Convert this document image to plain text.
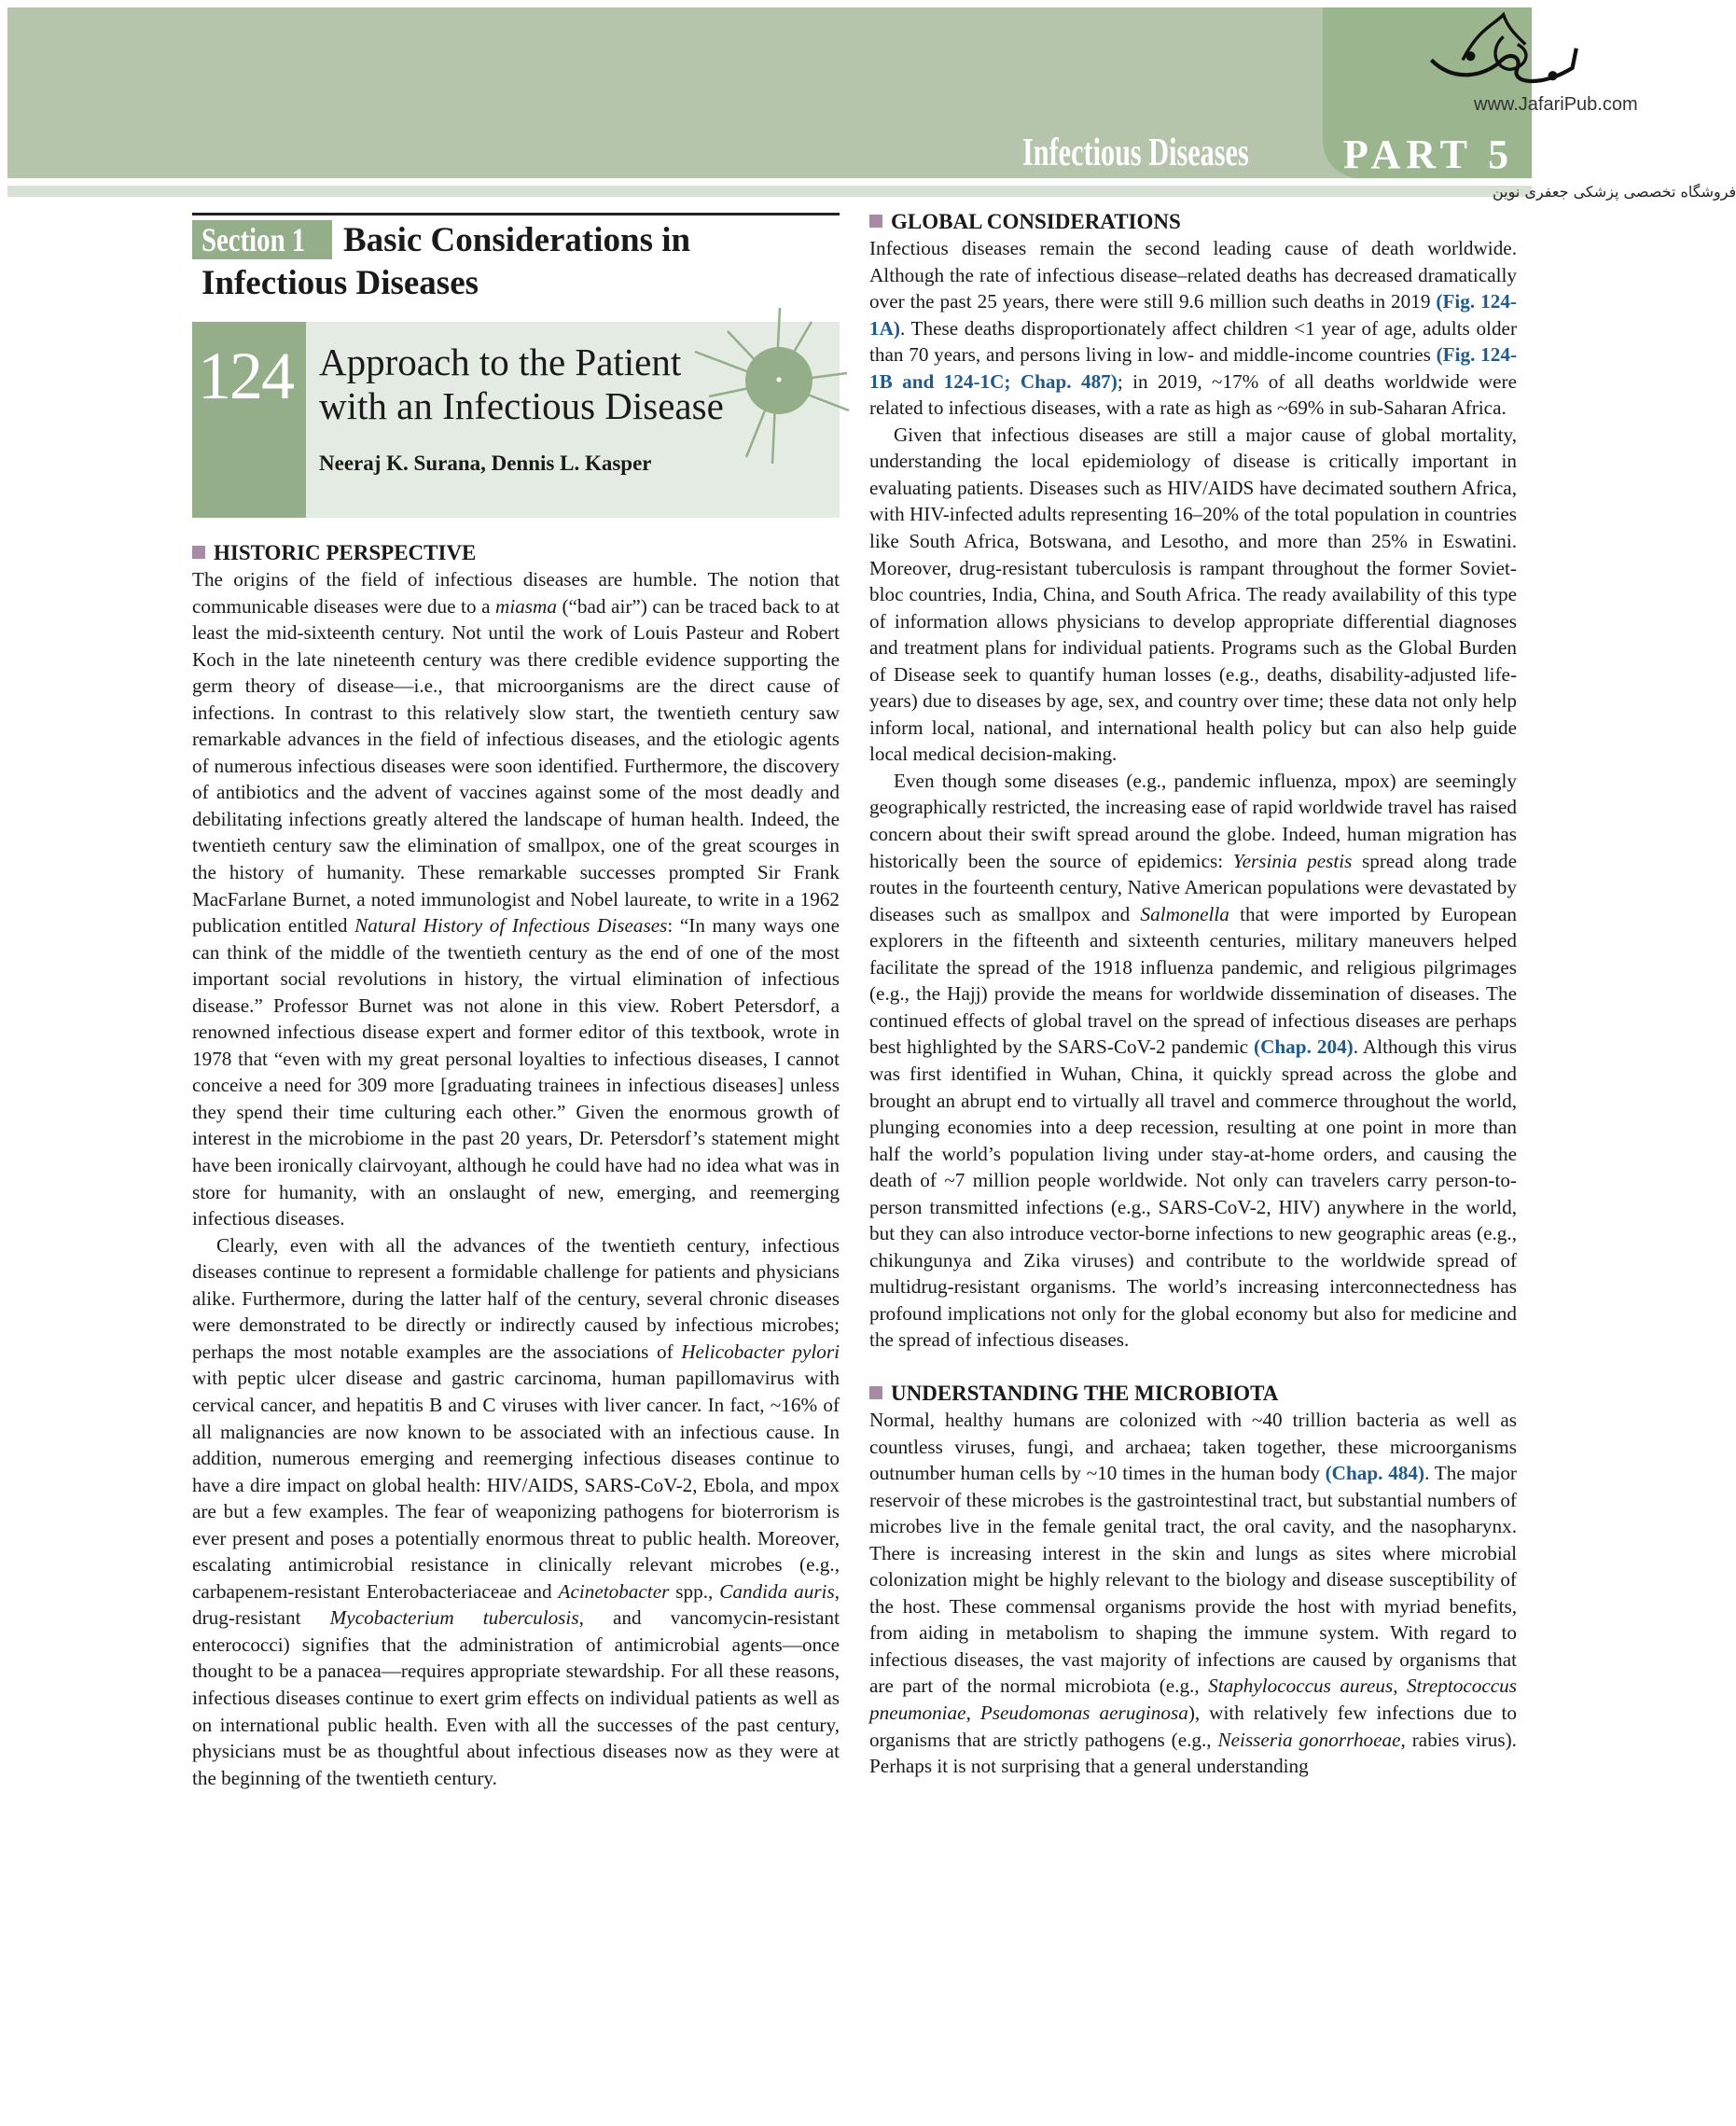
Infectious Diseases PART 5
www.JafariPub.com
فروشگاه تخصصی پزشکی جعفری نوین
Section 1	Basic Considerations in
Infectious Diseases
124 Approach to the Patient
with an Infectious Disease
Neeraj K. Surana, Dennis L. Kasper
HISTORIC PERSPECTIVE

The origins of the field of infectious diseases are humble. The notion that communicable diseases were due to a miasma (“bad air”) can be traced back to at least the mid-sixteenth century. Not until the work of Louis Pasteur and Robert Koch in the late nineteenth century was there credible evidence supporting the germ theory of disease—i.e., that microorganisms are the direct cause of infections. In contrast to this relatively slow start, the twentieth century saw remarkable advances in the field of infectious diseases, and the etiologic agents of numerous infectious diseases were soon identified. Furthermore, the discovery of antibiotics and the advent of vaccines against some of the most deadly and debilitating infections greatly altered the landscape of human health. Indeed, the twentieth century saw the elimination of smallpox, one of the great scourges in the history of humanity. These remarkable successes prompted Sir Frank MacFarlane Burnet, a noted immunologist and Nobel laureate, to write in a 1962 publication entitled Natural History of Infectious Diseases: “In many ways one can think of the middle of the twentieth century as the end of one of the most important social revolutions in history, the virtual elimination of infectious disease.” Professor Burnet was not alone in this view. Robert Petersdorf, a renowned infectious disease expert and former editor of this textbook, wrote in 1978 that “even with my great personal loyalties to infectious diseases, I cannot conceive a need for 309 more [graduating trainees in infectious diseases] unless they spend their time culturing each other.” Given the enormous growth of interest in the microbiome in the past 20 years, Dr. Petersdorf’s statement might have been ironically clairvoyant, although he could have had no idea what was in store for humanity, with an onslaught of new, emerging, and reemerging infectious diseases.

Clearly, even with all the advances of the twentieth century, infectious diseases continue to represent a formidable challenge for patients and physicians alike. Furthermore, during the latter half of the century, several chronic diseases were demonstrated to be directly or indirectly caused by infectious microbes; perhaps the most notable examples are the associations of Helicobacter pylori with peptic ulcer disease and gastric carcinoma, human papillomavirus with cervical cancer, and hepatitis B and C viruses with liver cancer. In fact, ~16% of all malignancies are now known to be associated with an infectious cause. In addition, numerous emerging and reemerging infectious diseases continue to have a dire impact on global health: HIV/AIDS, SARS-CoV-2, Ebola, and mpox are but a few examples. The fear of weaponizing pathogens for bioterrorism is ever present and poses a potentially enormous threat to public health. Moreover, escalating antimicrobial resistance in clinically relevant microbes (e.g., carbapenem-resistant Enterobacteriaceae and Acinetobacter spp., Candida auris, drug-resistant Mycobacterium tuberculosis, and vancomycin-resistant enterococci) signifies that the administration of antimicrobial agents—once thought to be a panacea—requires appropriate stewardship. For all these reasons, infectious diseases continue to exert grim effects on individual patients as well as on international public health. Even with all the successes of the past century, physicians must be as thoughtful about infectious diseases now as they were at the beginning of the twentieth century.

GLOBAL CONSIDERATIONS

Infectious diseases remain the second leading cause of death worldwide. Although the rate of infectious disease–related deaths has decreased dramatically over the past 25 years, there were still 9.6 million such deaths in 2019 (Fig. 124-1A). These deaths disproportionately affect children <1 year of age, adults older than 70 years, and persons living in low- and middle-income countries (Fig. 124-1B and 124-1C; Chap. 487); in 2019, ~17% of all deaths worldwide were related to infectious diseases, with a rate as high as ~69% in sub-Saharan Africa.

Given that infectious diseases are still a major cause of global mortality, understanding the local epidemiology of disease is critically important in evaluating patients. Diseases such as HIV/AIDS have decimated southern Africa, with HIV-infected adults representing 16–20% of the total population in countries like South Africa, Botswana, and Lesotho, and more than 25% in Eswatini. Moreover, drug-resistant tuberculosis is rampant throughout the former Soviet-bloc countries, India, China, and South Africa. The ready availability of this type of information allows physicians to develop appropriate differential diagnoses and treatment plans for individual patients. Programs such as the Global Burden of Disease seek to quantify human losses (e.g., deaths, disability-adjusted life-years) due to diseases by age, sex, and country over time; these data not only help inform local, national, and international health policy but can also help guide local medical decision-making.

Even though some diseases (e.g., pandemic influenza, mpox) are seemingly geographically restricted, the increasing ease of rapid worldwide travel has raised concern about their swift spread around the globe. Indeed, human migration has historically been the source of epidemics: Yersinia pestis spread along trade routes in the fourteenth century, Native American populations were devastated by diseases such as smallpox and Salmonella that were imported by European explorers in the fifteenth and sixteenth centuries, military maneuvers helped facilitate the spread of the 1918 influenza pandemic, and religious pilgrimages (e.g., the Hajj) provide the means for worldwide dissemination of diseases. The continued effects of global travel on the spread of infectious diseases are perhaps best highlighted by the SARS-CoV-2 pandemic (Chap. 204). Although this virus was first identified in Wuhan, China, it quickly spread across the globe and brought an abrupt end to virtually all travel and commerce throughout the world, plunging economies into a deep recession, resulting at one point in more than half the world’s population living under stay-at-home orders, and causing the death of ~7 million people worldwide. Not only can travelers carry person-to-person transmitted infections (e.g., SARS-CoV-2, HIV) anywhere in the world, but they can also introduce vector-borne infections to new geographic areas (e.g., chikungunya and Zika viruses) and contribute to the worldwide spread of multidrug-resistant organisms. The world’s increasing interconnectedness has profound implications not only for the global economy but also for medicine and the spread of infectious diseases.

UNDERSTANDING THE MICROBIOTA

Normal, healthy humans are colonized with ~40 trillion bacteria as well as countless viruses, fungi, and archaea; taken together, these microorganisms outnumber human cells by ~10 times in the human body (Chap. 484). The major reservoir of these microbes is the gastrointestinal tract, but substantial numbers of microbes live in the female genital tract, the oral cavity, and the nasopharynx. There is increasing interest in the skin and lungs as sites where microbial colonization might be highly relevant to the biology and disease susceptibility of the host. These commensal organisms provide the host with myriad benefits, from aiding in metabolism to shaping the immune system. With regard to infectious diseases, the vast majority of infections are caused by organisms that are part of the normal microbiota (e.g., Staphylococcus aureus, Streptococcus pneumoniae, Pseudomonas aeruginosa), with relatively few infections due to organisms that are strictly pathogens (e.g., Neisseria gonorrhoeae, rabies virus). Perhaps it is not surprising that a general understanding
